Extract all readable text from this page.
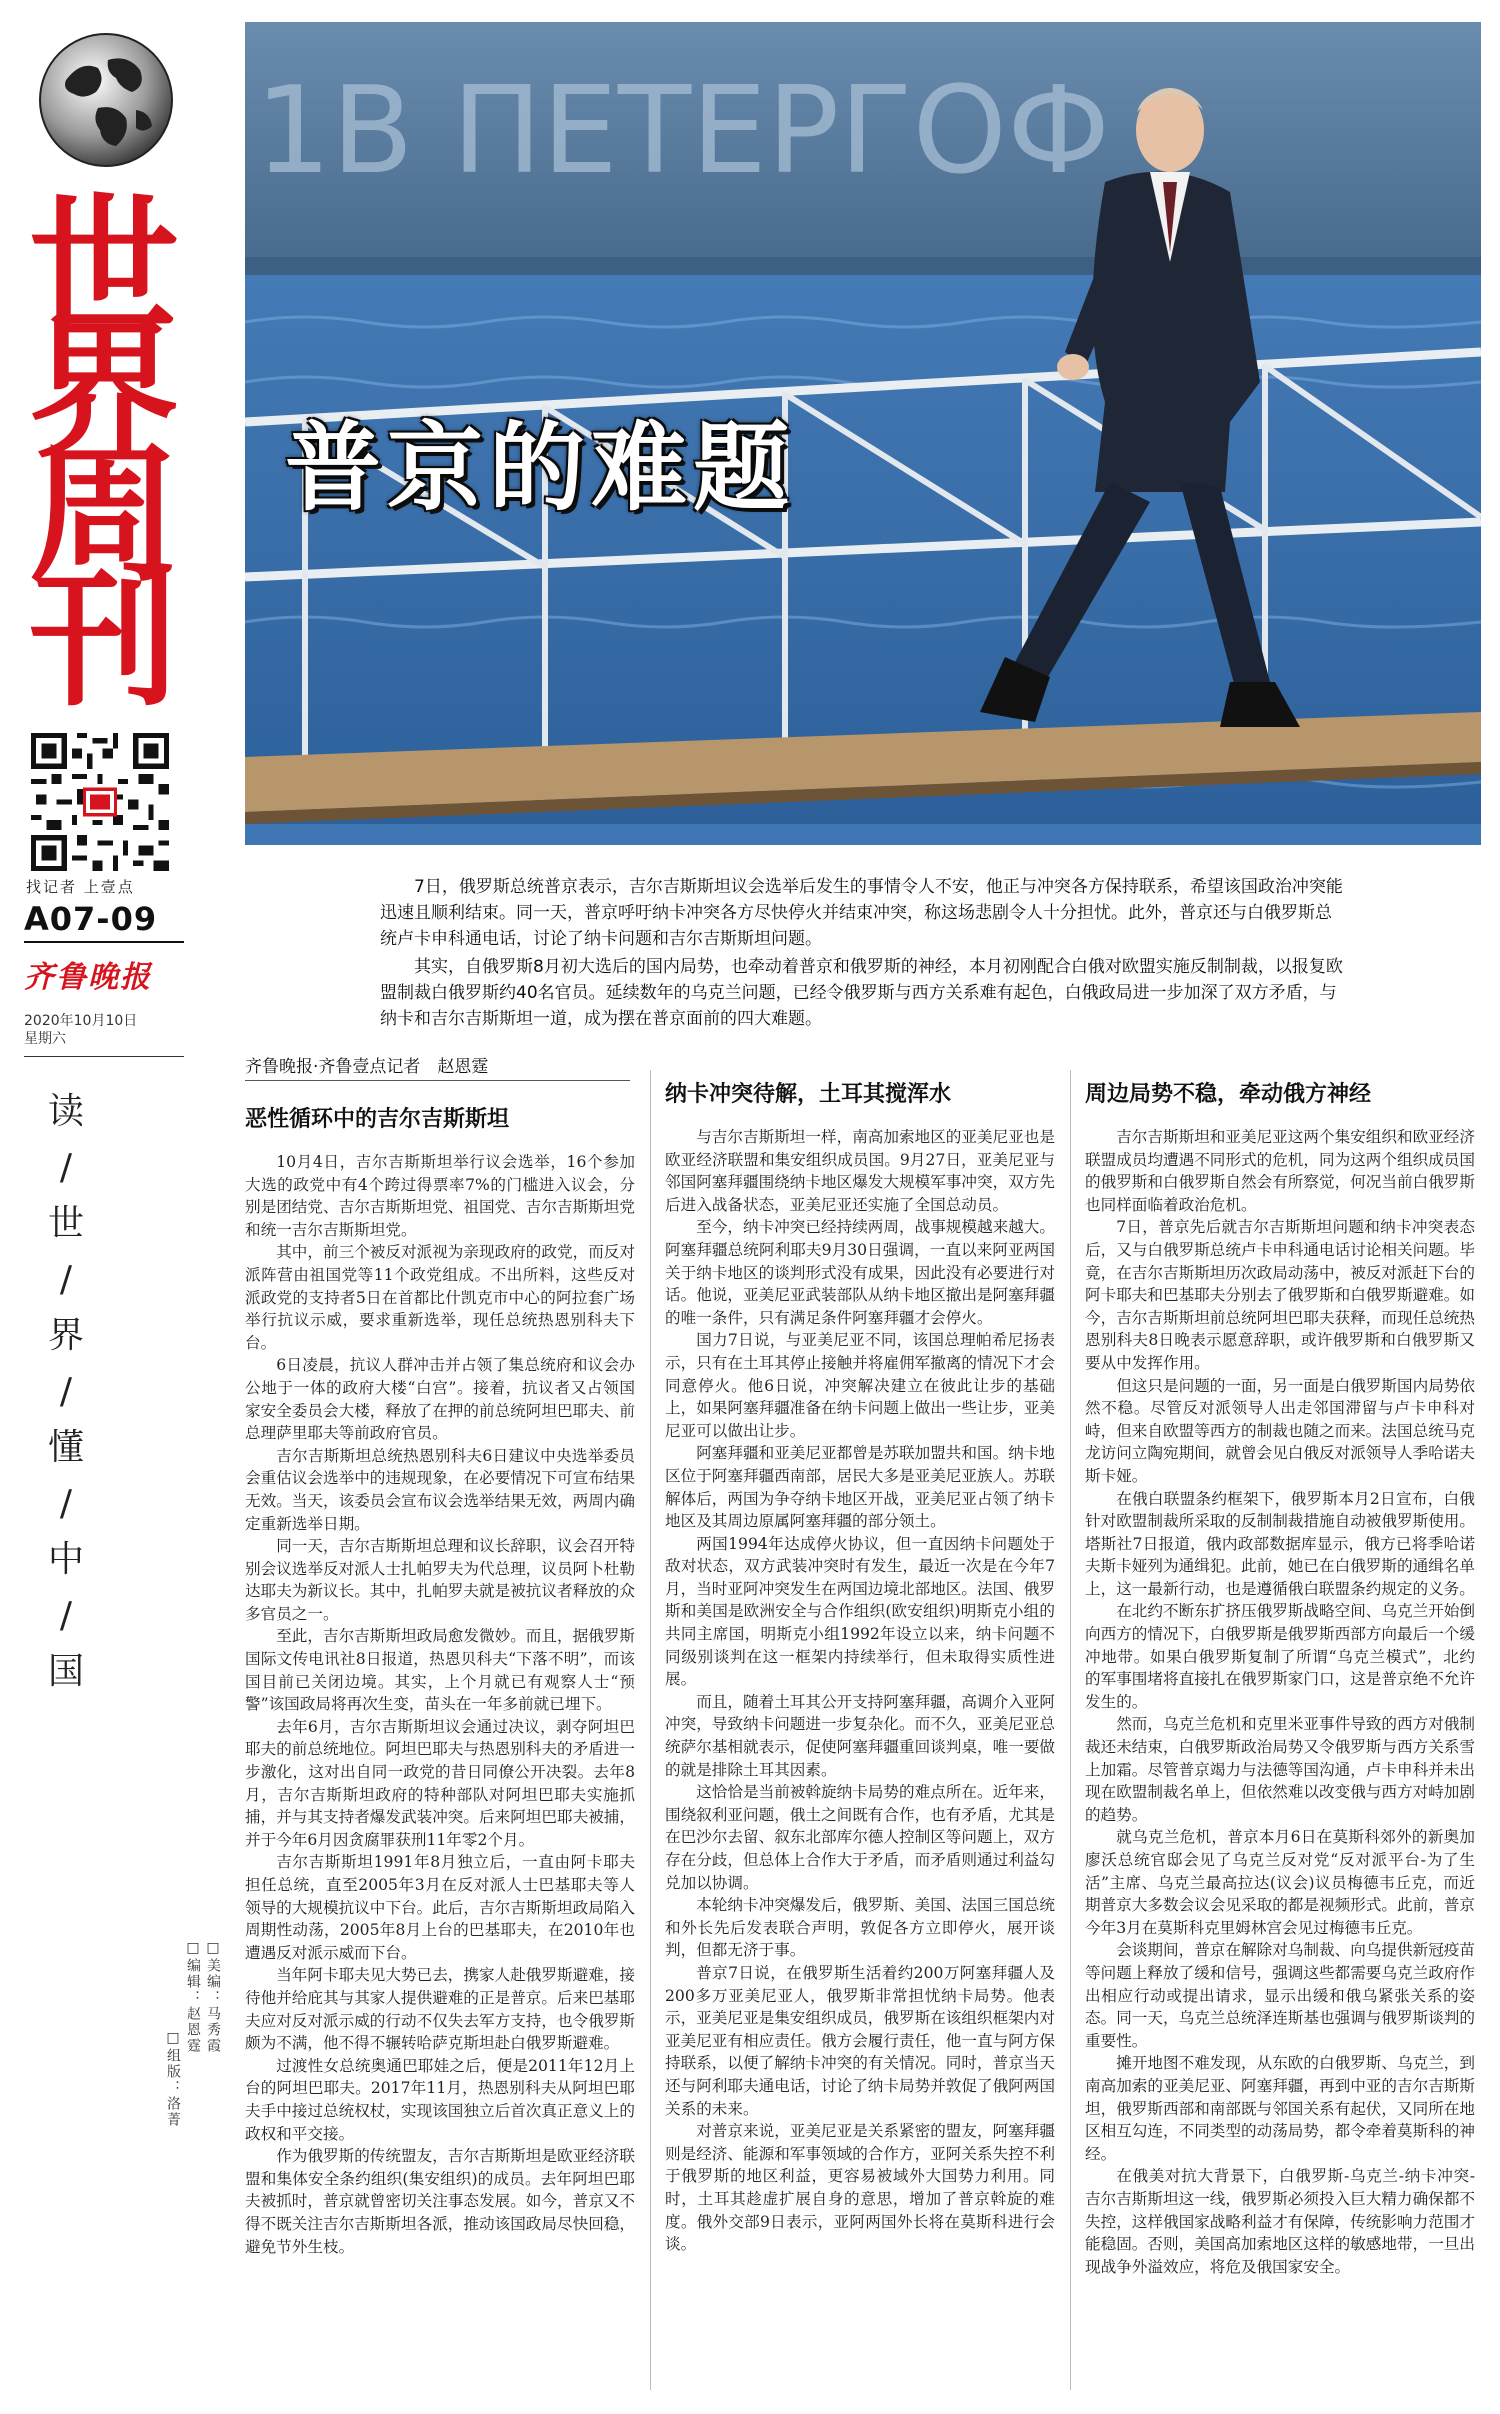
世
界
周
刊
找记者 上壹点
A07-09
齐鲁晚报
2020年10月10日
星期六
读
/
世
/
界
/
懂
/
中
/
国
□美编：马秀霞
□编辑：赵恩霆
□组版：洛菁
1В ПЕТЕРГОФ
普京的难题

7日，俄罗斯总统普京表示，吉尔吉斯斯坦议会选举后发生的事情令人不安，他正与冲突各方保持联系，希望该国政治冲突能迅速且顺利结束。同一天，普京呼吁纳卡冲突各方尽快停火并结束冲突，称这场悲剧令人十分担忧。此外，普京还与白俄罗斯总统卢卡申科通电话，讨论了纳卡问题和吉尔吉斯斯坦问题。

其实，自俄罗斯8月初大选后的国内局势，也牵动着普京和俄罗斯的神经，本月初刚配合白俄对欧盟实施反制制裁，以报复欧盟制裁白俄罗斯约40名官员。延续数年的乌克兰问题，已经令俄罗斯与西方关系难有起色，白俄政局进一步加深了双方矛盾，与纳卡和吉尔吉斯斯坦一道，成为摆在普京面前的四大难题。

齐鲁晚报·齐鲁壹点记者　赵恩霆
恶性循环中的吉尔吉斯斯坦

10月4日，吉尔吉斯斯坦举行议会选举，16个参加大选的政党中有4个跨过得票率7%的门槛进入议会，分别是团结党、吉尔吉斯斯坦党、祖国党、吉尔吉斯斯坦党和统一吉尔吉斯斯坦党。

其中，前三个被反对派视为亲现政府的政党，而反对派阵营由祖国党等11个政党组成。不出所料，这些反对派政党的支持者5日在首都比什凯克市中心的阿拉套广场举行抗议示威，要求重新选举，现任总统热恩别科夫下台。

6日凌晨，抗议人群冲击并占领了集总统府和议会办公地于一体的政府大楼“白宫”。接着，抗议者又占领国家安全委员会大楼，释放了在押的前总统阿坦巴耶夫、前总理萨里耶夫等前政府官员。

吉尔吉斯斯坦总统热恩别科夫6日建议中央选举委员会重估议会选举中的违规现象，在必要情况下可宣布结果无效。当天，该委员会宣布议会选举结果无效，两周内确定重新选举日期。

同一天，吉尔吉斯斯坦总理和议长辞职，议会召开特别会议选举反对派人士扎帕罗夫为代总理，议员阿卜杜勒达耶夫为新议长。其中，扎帕罗夫就是被抗议者释放的众多官员之一。

至此，吉尔吉斯斯坦政局愈发微妙。而且，据俄罗斯国际文传电讯社8日报道，热恩贝科夫“下落不明”，而该国目前已关闭边境。其实，上个月就已有观察人士“预警”该国政局将再次生变，苗头在一年多前就已埋下。

去年6月，吉尔吉斯斯坦议会通过决议，剥夺阿坦巴耶夫的前总统地位。阿坦巴耶夫与热恩别科夫的矛盾进一步激化，这对出自同一政党的昔日同僚公开决裂。去年8月，吉尔吉斯斯坦政府的特种部队对阿坦巴耶夫实施抓捕，并与其支持者爆发武装冲突。后来阿坦巴耶夫被捕，并于今年6月因贪腐罪获刑11年零2个月。

吉尔吉斯斯坦1991年8月独立后，一直由阿卡耶夫担任总统，直至2005年3月在反对派人士巴基耶夫等人领导的大规模抗议中下台。此后，吉尔吉斯斯坦政局陷入周期性动荡，2005年8月上台的巴基耶夫，在2010年也遭遇反对派示威而下台。

当年阿卡耶夫见大势已去，携家人赴俄罗斯避难，接待他并给庇其与其家人提供避难的正是普京。后来巴基耶夫应对反对派示威的行动不仅失去军方支持，也令俄罗斯颇为不满，他不得不辗转哈萨克斯坦赴白俄罗斯避难。

过渡性女总统奥通巴耶娃之后，便是2011年12月上台的阿坦巴耶夫。2017年11月，热恩别科夫从阿坦巴耶夫手中接过总统权杖，实现该国独立后首次真正意义上的政权和平交接。

作为俄罗斯的传统盟友，吉尔吉斯斯坦是欧亚经济联盟和集体安全条约组织(集安组织)的成员。去年阿坦巴耶夫被抓时，普京就曾密切关注事态发展。如今，普京又不得不既关注吉尔吉斯斯坦各派，推动该国政局尽快回稳，避免节外生枝。

纳卡冲突待解，土耳其搅浑水

与吉尔吉斯斯坦一样，南高加索地区的亚美尼亚也是欧亚经济联盟和集安组织成员国。9月27日，亚美尼亚与邻国阿塞拜疆围绕纳卡地区爆发大规模军事冲突，双方先后进入战备状态，亚美尼亚还实施了全国总动员。

至今，纳卡冲突已经持续两周，战事规模越来越大。阿塞拜疆总统阿利耶夫9月30日强调，一直以来阿亚两国关于纳卡地区的谈判形式没有成果，因此没有必要进行对话。他说，亚美尼亚武装部队从纳卡地区撤出是阿塞拜疆的唯一条件，只有满足条件阿塞拜疆才会停火。

国力7日说，与亚美尼亚不同，该国总理帕希尼扬表示，只有在土耳其停止接触并将雇佣军撤离的情况下才会同意停火。他6日说，冲突解决建立在彼此让步的基础上，如果阿塞拜疆准备在纳卡问题上做出一些让步，亚美尼亚可以做出让步。

阿塞拜疆和亚美尼亚都曾是苏联加盟共和国。纳卡地区位于阿塞拜疆西南部，居民大多是亚美尼亚族人。苏联解体后，两国为争夺纳卡地区开战，亚美尼亚占领了纳卡地区及其周边原属阿塞拜疆的部分领土。

两国1994年达成停火协议，但一直因纳卡问题处于敌对状态，双方武装冲突时有发生，最近一次是在今年7月，当时亚阿冲突发生在两国边境北部地区。法国、俄罗斯和美国是欧洲安全与合作组织(欧安组织)明斯克小组的共同主席国，明斯克小组1992年设立以来，纳卡问题不同级别谈判在这一框架内持续举行，但未取得实质性进展。

而且，随着土耳其公开支持阿塞拜疆，高调介入亚阿冲突，导致纳卡问题进一步复杂化。而不久，亚美尼亚总统萨尔基相就表示，促使阿塞拜疆重回谈判桌，唯一要做的就是排除土耳其因素。

这恰恰是当前被斡旋纳卡局势的难点所在。近年来，围绕叙利亚问题，俄土之间既有合作，也有矛盾，尤其是在巴沙尔去留、叙东北部库尔德人控制区等问题上，双方存在分歧，但总体上合作大于矛盾，而矛盾则通过利益勾兑加以协调。

本轮纳卡冲突爆发后，俄罗斯、美国、法国三国总统和外长先后发表联合声明，敦促各方立即停火，展开谈判，但都无济于事。

普京7日说，在俄罗斯生活着约200万阿塞拜疆人及200多万亚美尼亚人，俄罗斯非常担忧纳卡局势。他表示，亚美尼亚是集安组织成员，俄罗斯在该组织框架内对亚美尼亚有相应责任。俄方会履行责任，他一直与阿方保持联系，以便了解纳卡冲突的有关情况。同时，普京当天还与阿利耶夫通电话，讨论了纳卡局势并敦促了俄阿两国关系的未来。

对普京来说，亚美尼亚是关系紧密的盟友，阿塞拜疆则是经济、能源和军事领域的合作方，亚阿关系失控不利于俄罗斯的地区利益，更容易被域外大国势力利用。同时，土耳其趁虚扩展自身的意思，增加了普京斡旋的难度。俄外交部9日表示，亚阿两国外长将在莫斯科进行会谈。

周边局势不稳，牵动俄方神经

吉尔吉斯斯坦和亚美尼亚这两个集安组织和欧亚经济联盟成员均遭遇不同形式的危机，同为这两个组织成员国的俄罗斯和白俄罗斯自然会有所察觉，何况当前白俄罗斯也同样面临着政治危机。

7日，普京先后就吉尔吉斯斯坦问题和纳卡冲突表态后，又与白俄罗斯总统卢卡申科通电话讨论相关问题。毕竟，在吉尔吉斯斯坦历次政局动荡中，被反对派赶下台的阿卡耶夫和巴基耶夫分别去了俄罗斯和白俄罗斯避难。如今，吉尔吉斯斯坦前总统阿坦巴耶夫获释，而现任总统热恩别科夫8日晚表示愿意辞职，或许俄罗斯和白俄罗斯又要从中发挥作用。

但这只是问题的一面，另一面是白俄罗斯国内局势依然不稳。尽管反对派领导人出走邻国滞留与卢卡申科对峙，但来自欧盟等西方的制裁也随之而来。法国总统马克龙访问立陶宛期间，就曾会见白俄反对派领导人季哈诺夫斯卡娅。

在俄白联盟条约框架下，俄罗斯本月2日宣布，白俄针对欧盟制裁所采取的反制制裁措施自动被俄罗斯使用。塔斯社7日报道，俄内政部数据库显示，俄方已将季哈诺夫斯卡娅列为通缉犯。此前，她已在白俄罗斯的通缉名单上，这一最新行动，也是遵循俄白联盟条约规定的义务。

在北约不断东扩挤压俄罗斯战略空间、乌克兰开始倒向西方的情况下，白俄罗斯是俄罗斯西部方向最后一个缓冲地带。如果白俄罗斯复制了所谓“乌克兰模式”，北约的军事围堵将直接扎在俄罗斯家门口，这是普京绝不允许发生的。

然而，乌克兰危机和克里米亚事件导致的西方对俄制裁还未结束，白俄罗斯政治局势又令俄罗斯与西方关系雪上加霜。尽管普京竭力与法德等国沟通，卢卡申科并未出现在欧盟制裁名单上，但依然难以改变俄与西方对峙加剧的趋势。

就乌克兰危机，普京本月6日在莫斯科郊外的新奥加廖沃总统官邸会见了乌克兰反对党“反对派平台-为了生活”主席、乌克兰最高拉达(议会)议员梅德韦丘克，而近期普京大多数会议会见采取的都是视频形式。此前，普京今年3月在莫斯科克里姆林宫会见过梅德韦丘克。

会谈期间，普京在解除对乌制裁、向乌提供新冠疫苗等问题上释放了缓和信号，强调这些都需要乌克兰政府作出相应行动或提出请求，显示出缓和俄乌紧张关系的姿态。同一天，乌克兰总统泽连斯基也强调与俄罗斯谈判的重要性。

摊开地图不难发现，从东欧的白俄罗斯、乌克兰，到南高加索的亚美尼亚、阿塞拜疆，再到中亚的吉尔吉斯斯坦，俄罗斯西部和南部既与邻国关系有起伏，又同所在地区相互勾连，不同类型的动荡局势，都令牵着莫斯科的神经。

在俄美对抗大背景下，白俄罗斯-乌克兰-纳卡冲突-吉尔吉斯斯坦这一线，俄罗斯必须投入巨大精力确保都不失控，这样俄国家战略利益才有保障，传统影响力范围才能稳固。否则，美国高加索地区这样的敏感地带，一旦出现战争外溢效应，将危及俄国家安全。
